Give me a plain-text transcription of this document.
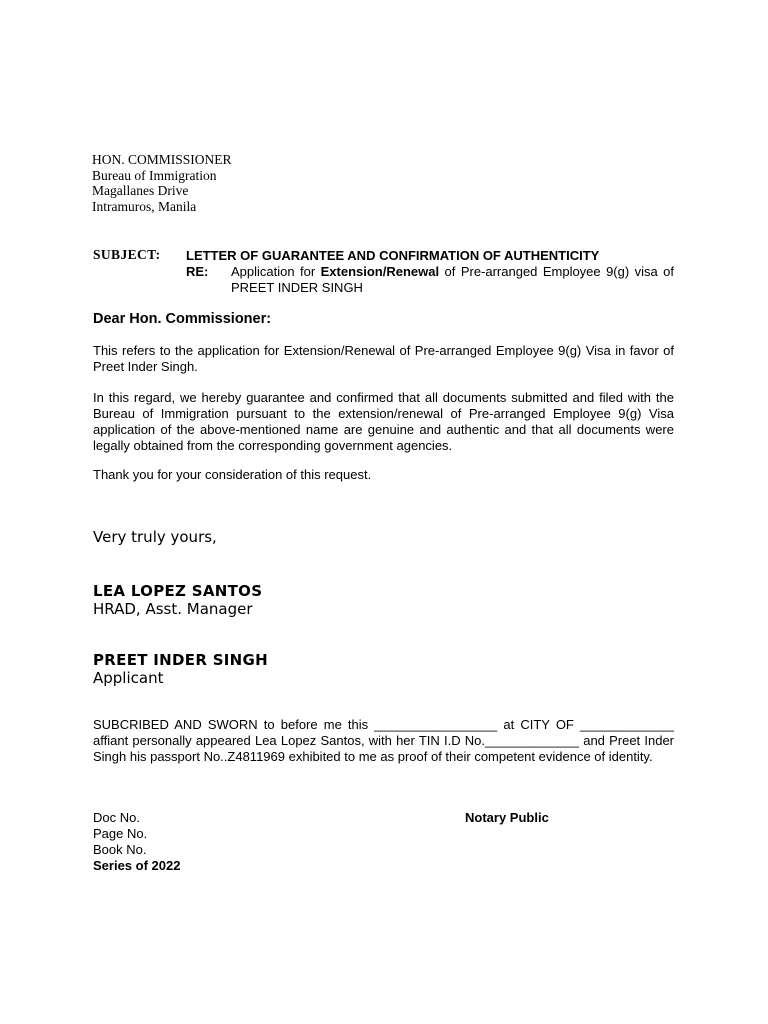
HON. COMMISSIONER
Bureau of Immigration
Magallanes Drive
Intramuros, Manila
SUBJECT: LETTER OF GUARANTEE AND CONFIRMATION OF AUTHENTICITY
RE: Application for Extension/Renewal of Pre-arranged Employee 9(g) visa of PREET INDER SINGH
Dear Hon. Commissioner:
This refers to the application for Extension/Renewal of Pre-arranged Employee 9(g) Visa in favor of Preet Inder Singh.
In this regard, we hereby guarantee and confirmed that all documents submitted and filed with the Bureau of Immigration pursuant to the extension/renewal of Pre-arranged Employee 9(g) Visa application of the above-mentioned name are genuine and authentic and that all documents were legally obtained from the corresponding government agencies.
Thank you for your consideration of this request.
Very truly yours,
LEA LOPEZ SANTOS
HRAD, Asst. Manager
PREET INDER SINGH
Applicant
SUBCRIBED AND SWORN to before me this _________________ at CITY OF _____________ affiant personally appeared Lea Lopez Santos, with her TIN I.D No._____________ and Preet Inder Singh his passport No..Z4811969 exhibited to me as proof of their competent evidence of identity.
Doc No.
Page No.
Book No.
Series of 2022
Notary Public
